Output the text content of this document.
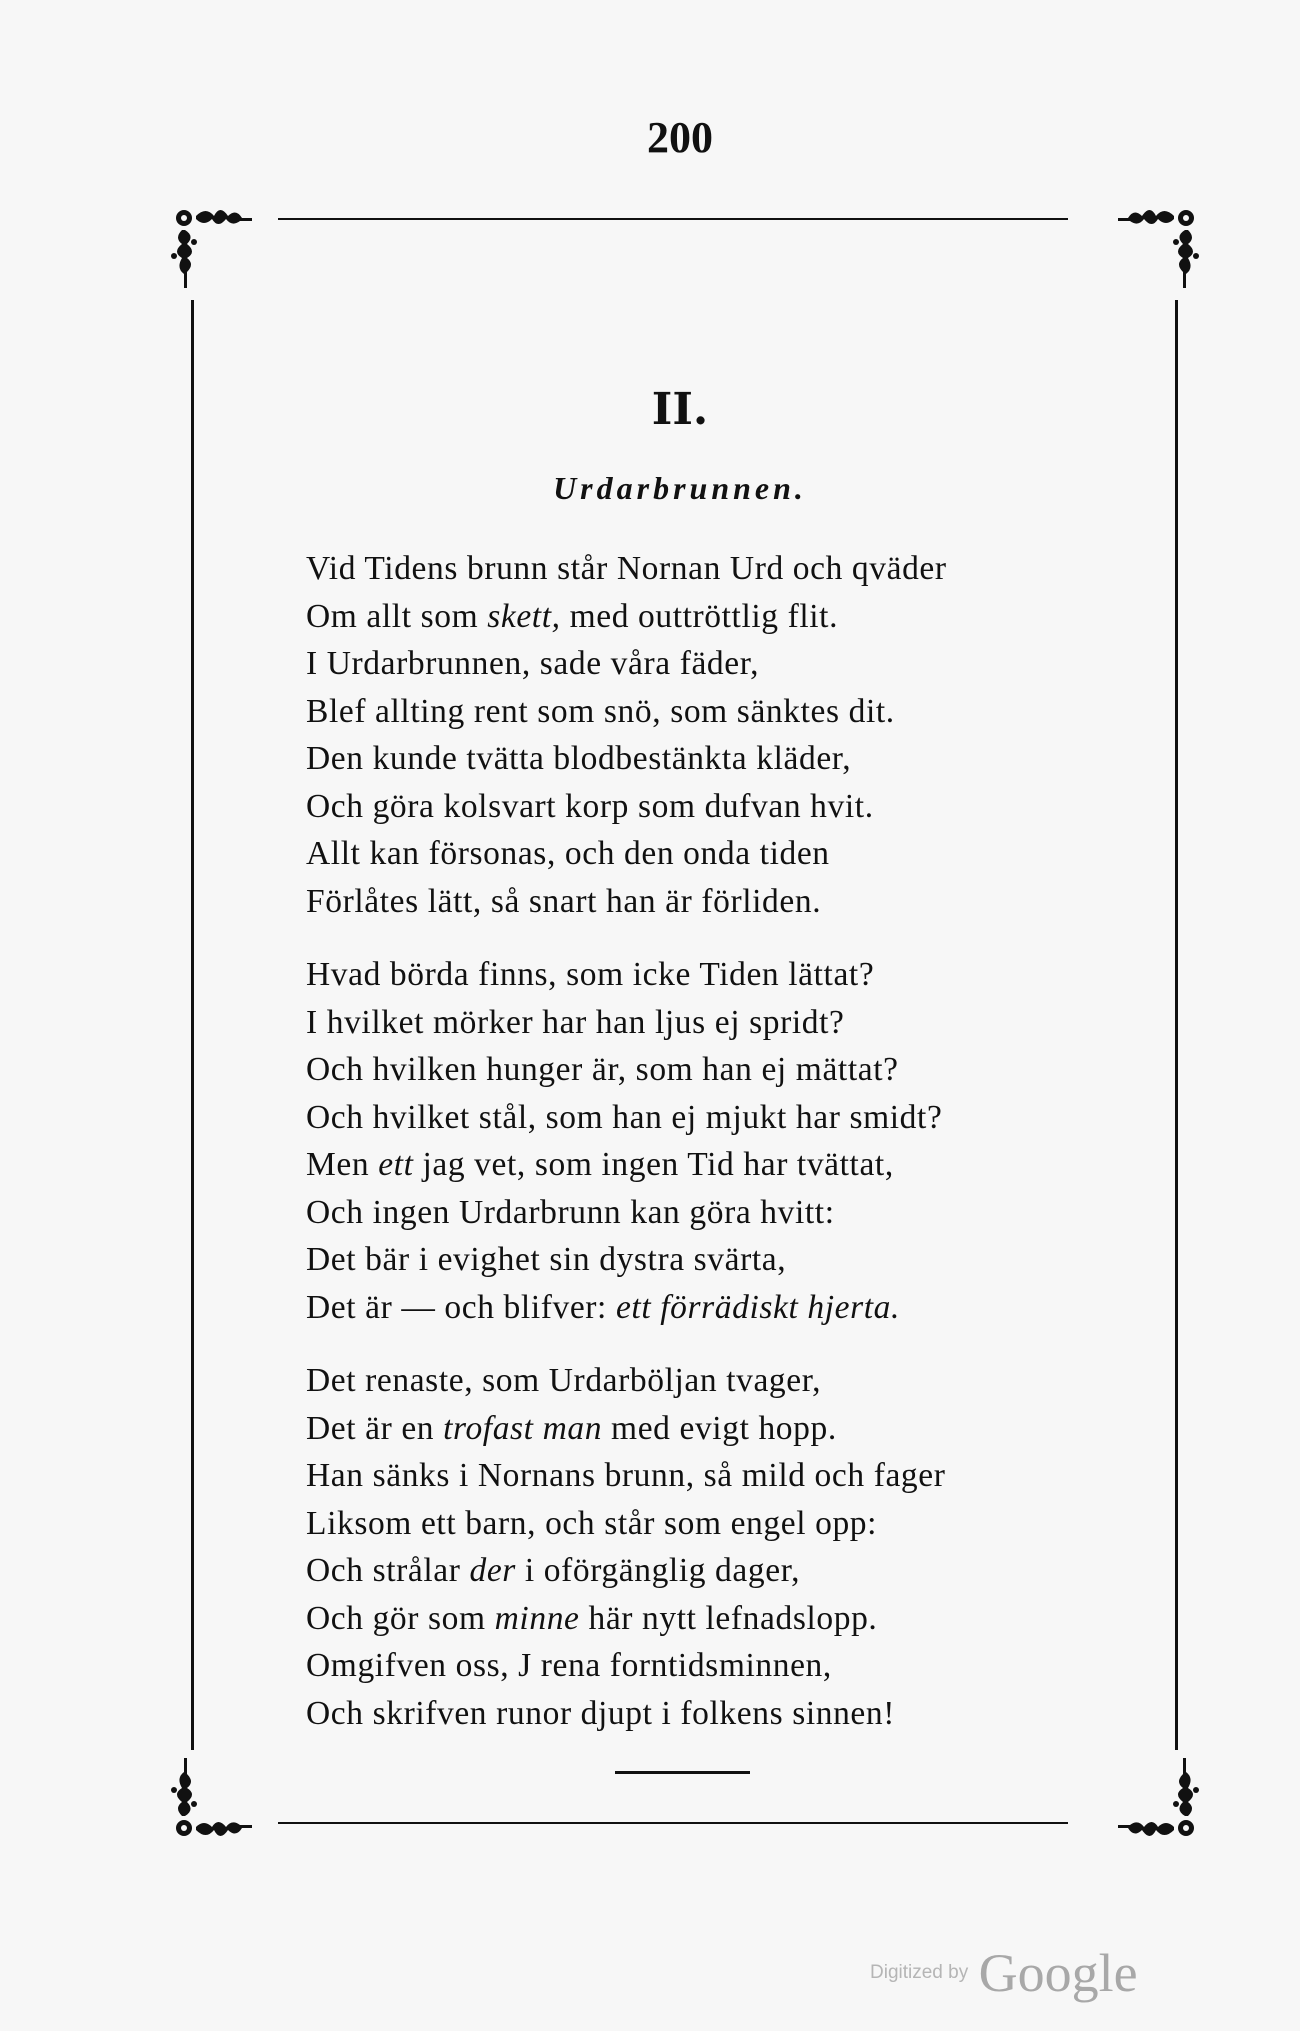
200
II.
Urdarbrunnen.
Vid Tidens brunn står Nornan Urd och qväder
Om allt som skett, med outtröttlig flit.
I Urdarbrunnen, sade våra fäder,
Blef allting rent som snö, som sänktes dit.
Den kunde tvätta blodbestänkta kläder,
Och göra kolsvart korp som dufvan hvit.
Allt kan försonas, och den onda tiden
Förlåtes lätt, så snart han är förliden.
Hvad börda finns, som icke Tiden lättat?
I hvilket mörker har han ljus ej spridt?
Och hvilken hunger är, som han ej mättat?
Och hvilket stål, som han ej mjukt har smidt?
Men ett jag vet, som ingen Tid har tvättat,
Och ingen Urdarbrunn kan göra hvitt:
Det bär i evighet sin dystra svärta,
Det är — och blifver: ett förrädiskt hjerta.
Det renaste, som Urdarböljan tvager,
Det är en trofast man med evigt hopp.
Han sänks i Nornans brunn, så mild och fager
Liksom ett barn, och står som engel opp:
Och strålar der i oförgänglig dager,
Och gör som minne här nytt lefnadslopp.
Omgifven oss, J rena forntidsminnen,
Och skrifven runor djupt i folkens sinnen!
Digitized by Google
